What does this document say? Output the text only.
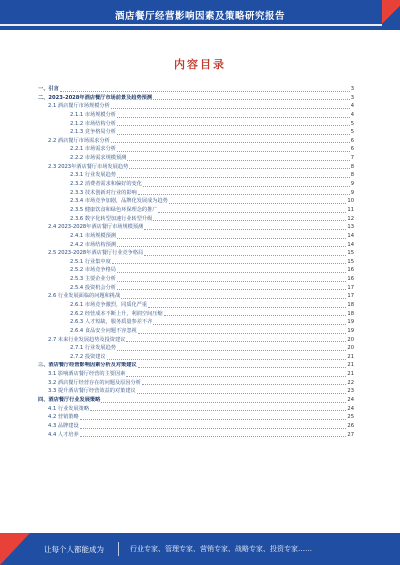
酒店餐厅经营影响因素及策略研究报告
内容目录
一、引言	3
二、2023-2028年酒店餐厅市场前景及趋势预测	3
2.1 酒店餐厅市场规模分析	4
2.1.1 市场规模分析	4
2.1.2 市场结构分析	5
2.1.3 竞争格局分析	5
2.2 酒店餐厅市场需求分析	6
2.2.1 市场需求分析	6
2.2.2 市场需求规模预测	7
2.3 2023年酒店餐厅市场发展趋势	8
2.3.1 行业发展趋势	8
2.3.2 消费者需求和偏好的变化	9
2.3.3 技术创新对行业的影响	9
2.3.4 市场竞争加剧，品牌化发展成为趋势	10
2.3.5 健康饮食和绿色环保理念的推广	11
2.3.6 数字化转型加速行业转型升级	12
2.4 2023-2028年酒店餐厅市场规模预测	13
2.4.1 市场规模预测	14
2.4.2 市场结构预测	14
2.5 2023-2028年酒店餐厅行业竞争格局	15
2.5.1 行业集中度	15
2.5.2 市场竞争格局	16
2.5.3 主要企业分析	16
2.5.4 投资机会分析	17
2.6 行业发展面临的问题和挑战	17
2.6.1 市场竞争激烈，同质化严重	18
2.6.2 经营成本不断上升，利润空间压缩	18
2.6.3 人才短缺，服务质量参差不齐	19
2.6.4 食品安全问题不容忽视	19
2.7 未来行业发展趋势及投资建议	20
2.7.1 行业发展趋势	20
2.7.2 投资建议	21
三、酒店餐厅经营影响因素分析及对策建议	21
3.1 影响酒店餐厅经营的主要因素	21
3.2 酒店餐厅经营存在的问题及原因分析	22
3.3 提升酒店餐厅经营效益的对策建议	23
四、酒店餐厅行业发展策略	24
4.1 行业发展策略	24
4.2 营销策略	25
4.3 品牌建设	26
4.4 人才培养	27
让每个人都能成为	行业专家、管理专家、营销专家、战略专家、投资专家……
